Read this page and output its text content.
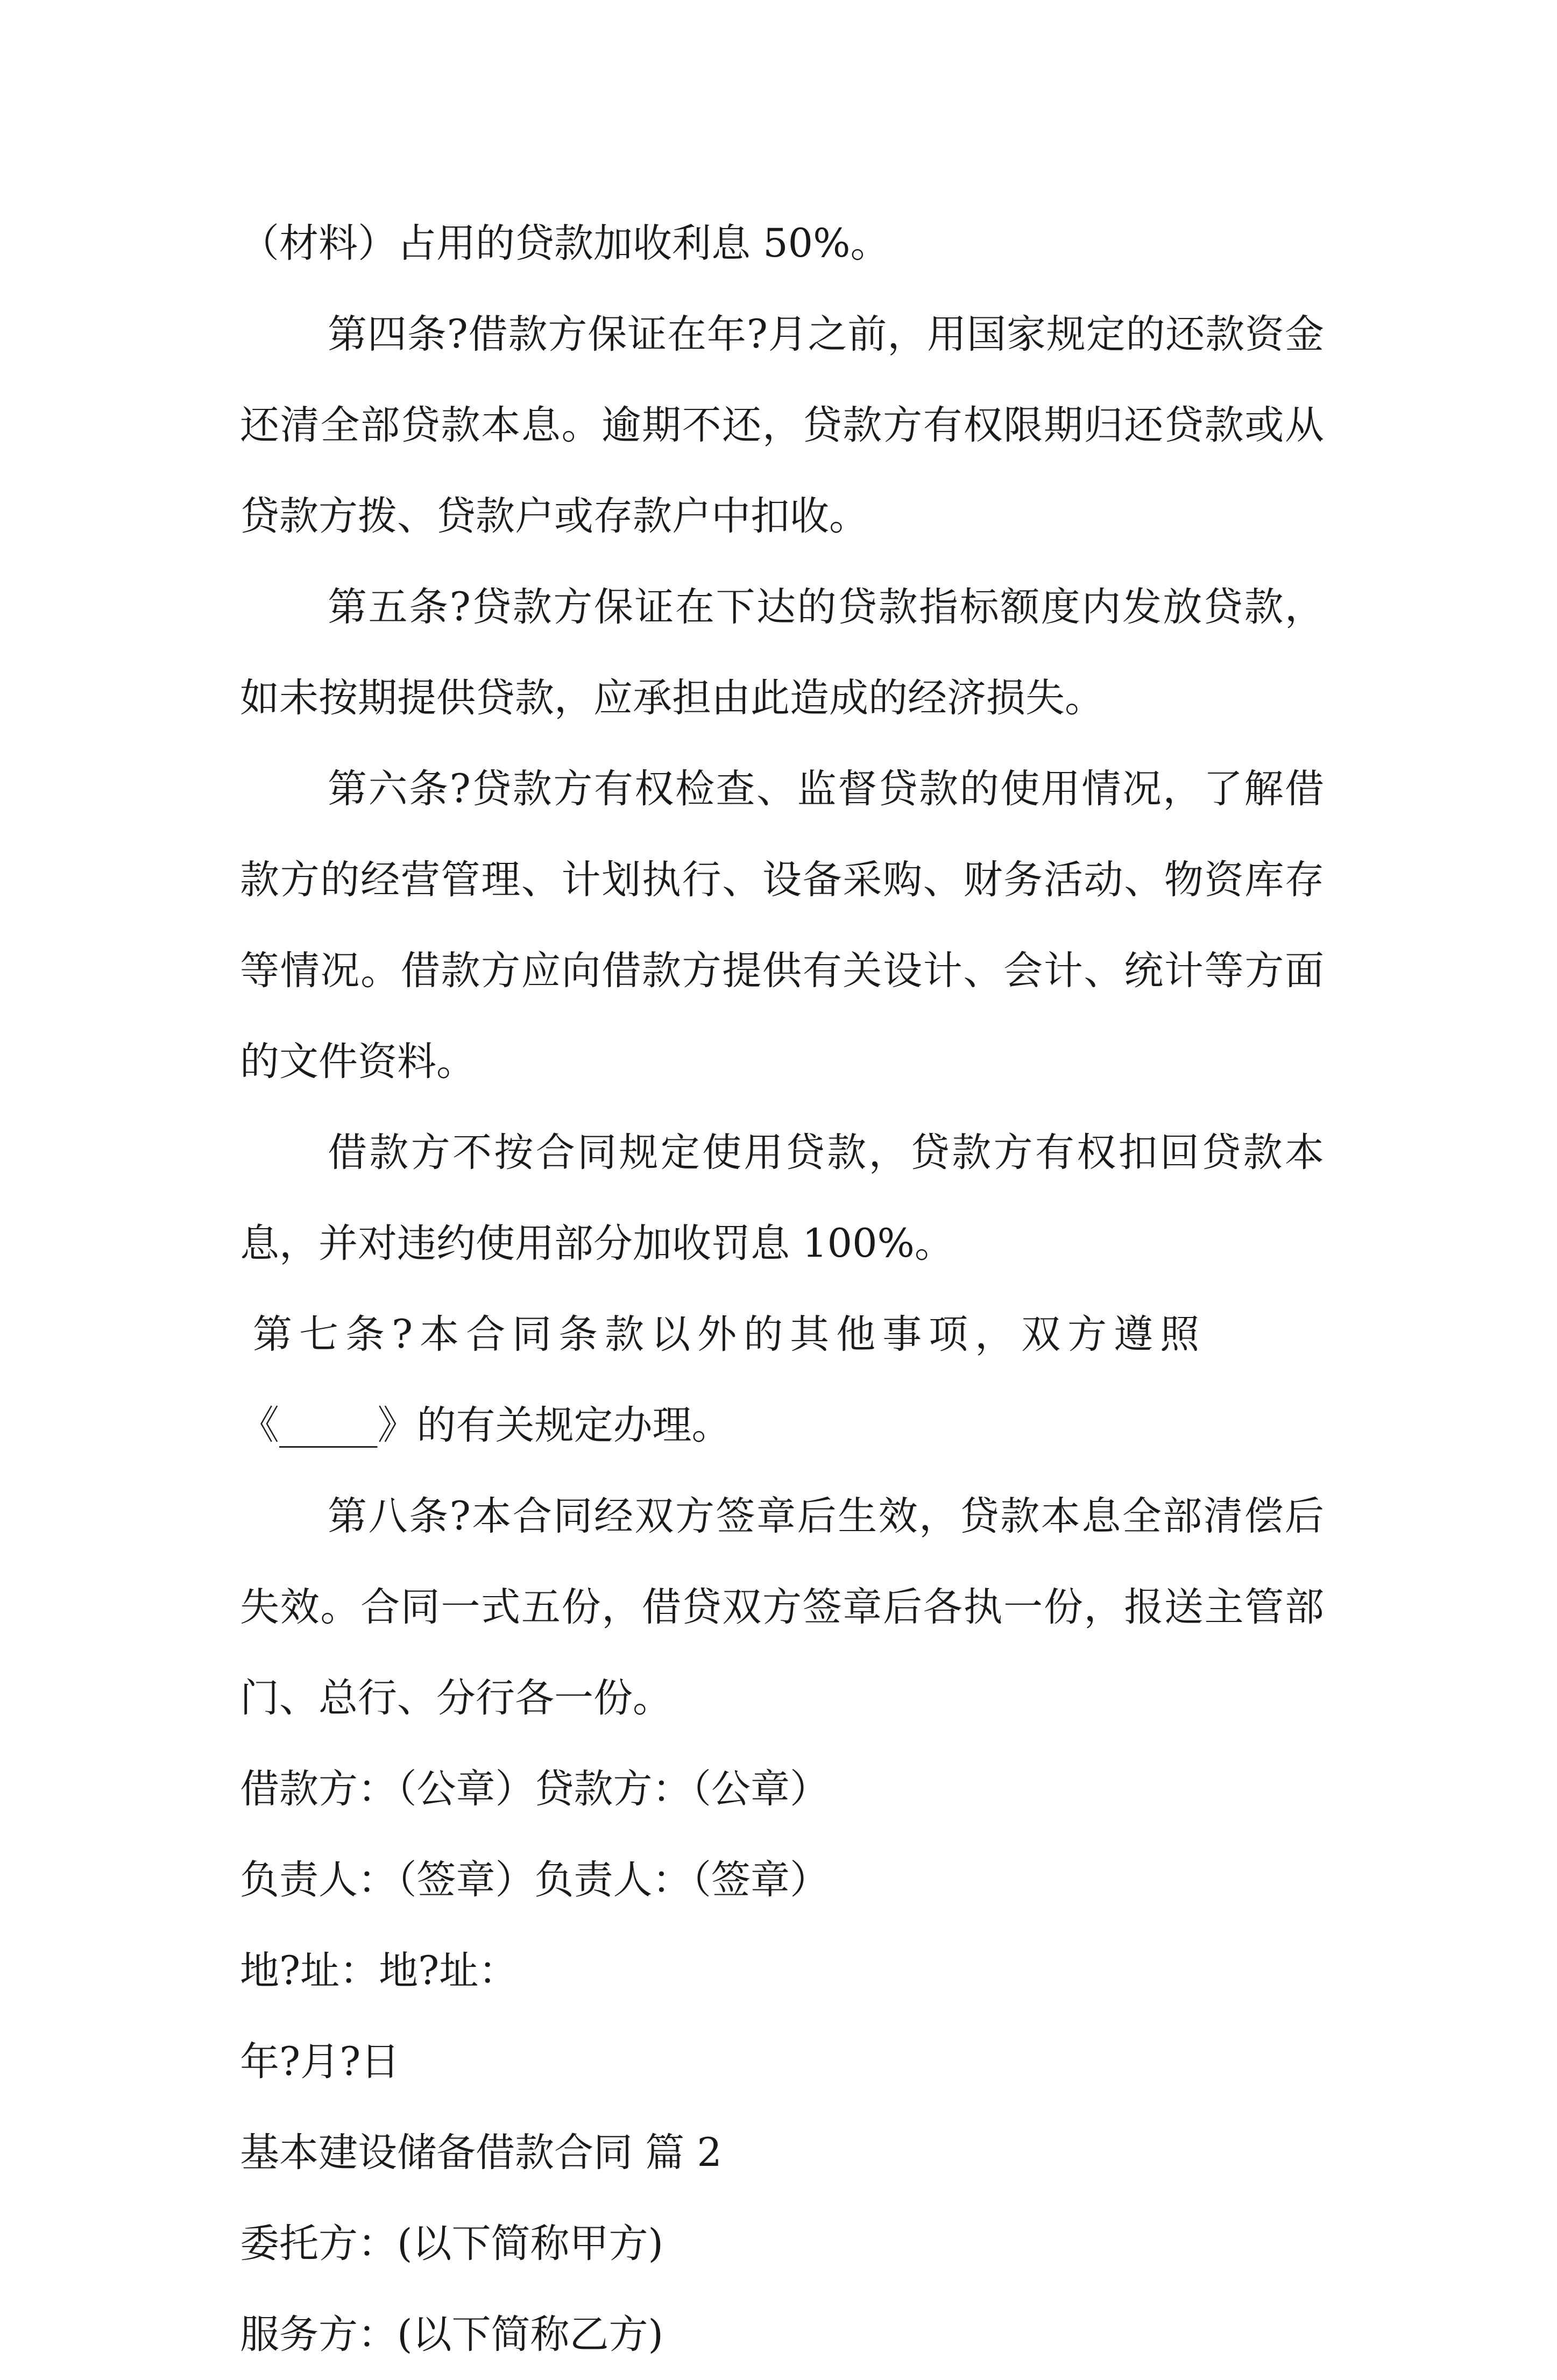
（材料）占用的贷款加收利息 50%。

第四条?借款方保证在年?月之前，用国家规定的还款资金还清全部贷款本息。逾期不还，贷款方有权限期归还贷款或从贷款方拨、贷款户或存款户中扣收。

第五条?贷款方保证在下达的贷款指标额度内发放贷款，如未按期提供贷款，应承担由此造成的经济损失。

第六条?贷款方有权检查、监督贷款的使用情况，了解借款方的经营管理、计划执行、设备采购、财务活动、物资库存等情况。借款方应向借款方提供有关设计、会计、统计等方面的文件资料。

借款方不按合同规定使用贷款，贷款方有权扣回贷款本息，并对违约使用部分加收罚息 100%。

第七条?本合同条款以外的其他事项，双方遵照
《_____》的有关规定办理。

第八条?本合同经双方签章后生效，贷款本息全部清偿后失效。合同一式五份，借贷双方签章后各执一份，报送主管部门、总行、分行各一份。

借款方：（公章）贷款方：（公章）

负责人：（签章）负责人：（签章）

地?址：地?址：

年?月?日

基本建设储备借款合同 篇 2

委托方：(以下简称甲方)

服务方：(以下简称乙方)
